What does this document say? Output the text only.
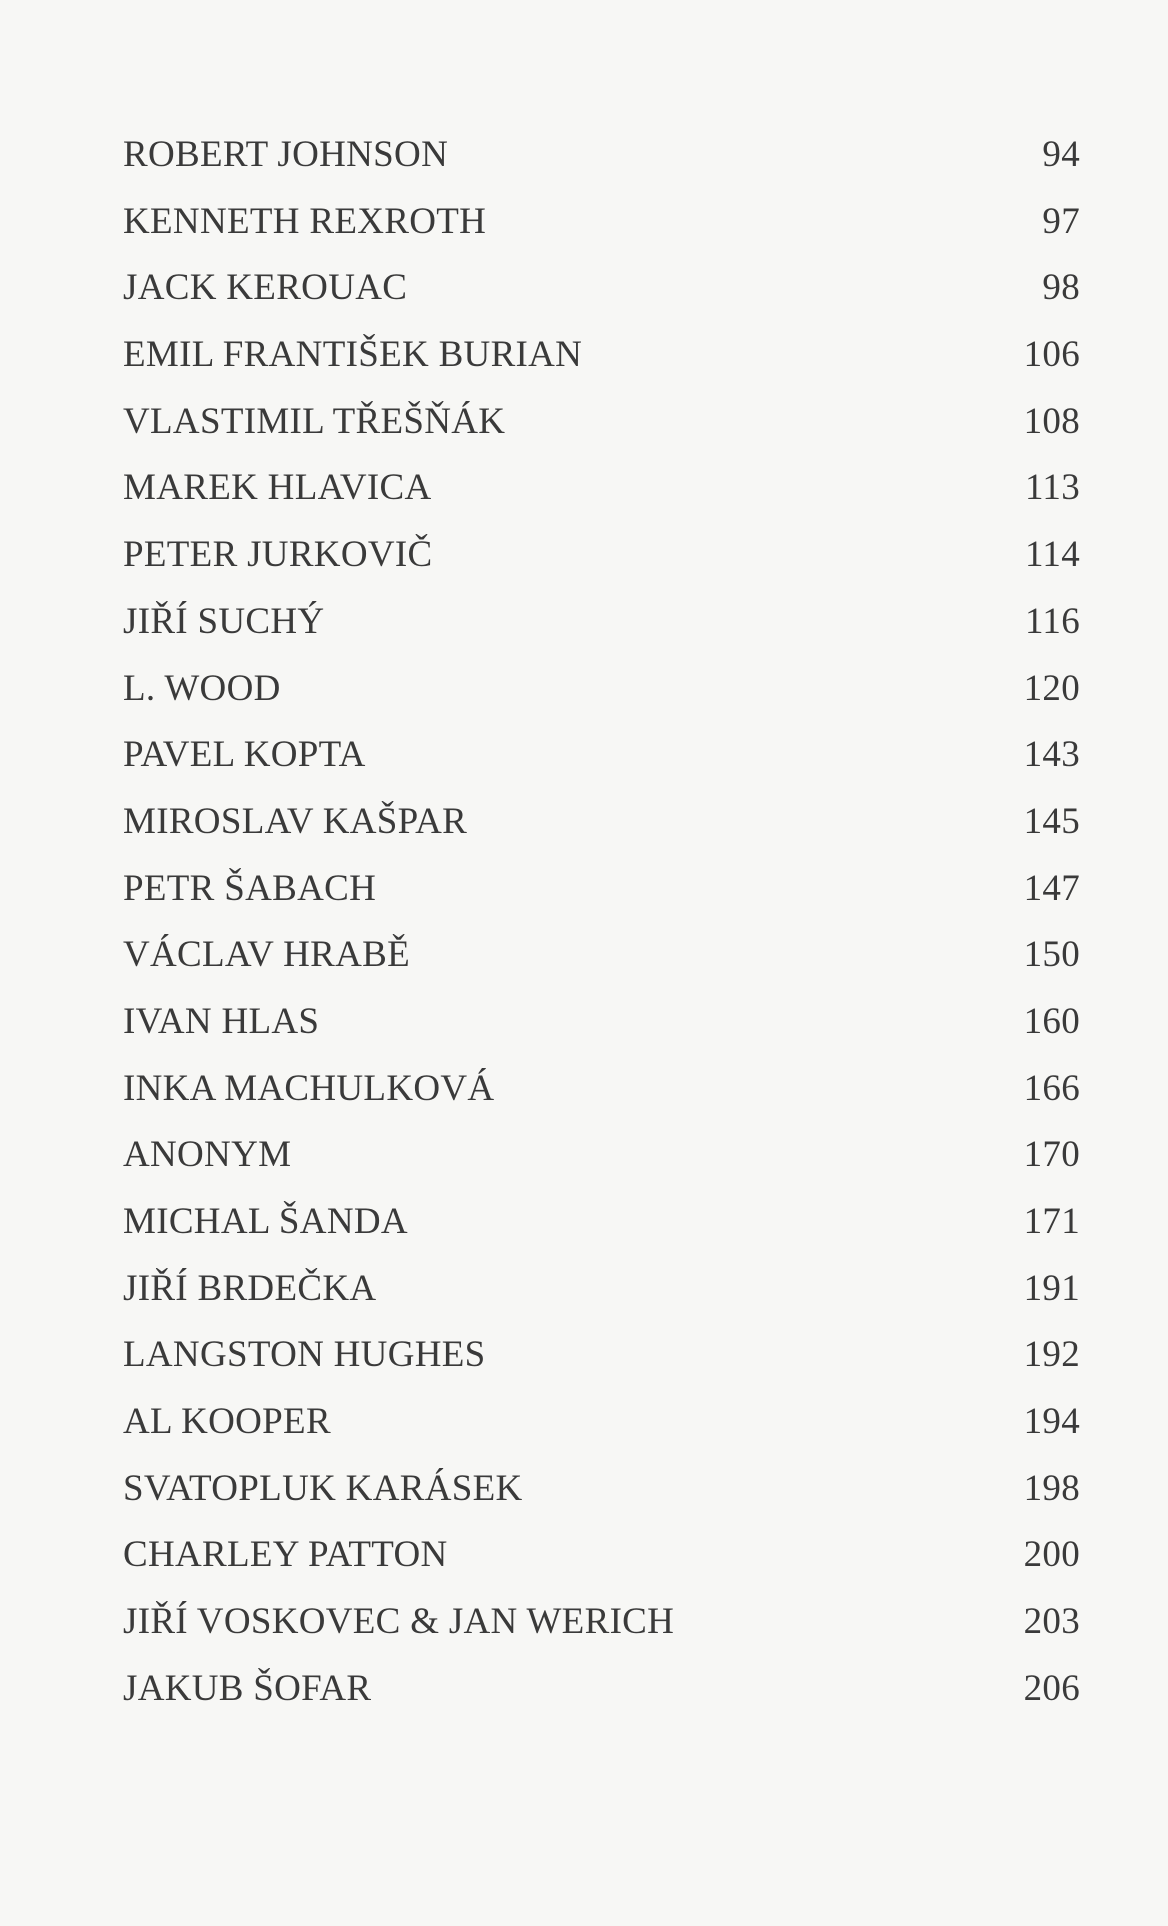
ROBERT JOHNSON	94
KENNETH REXROTH	97
JACK KEROUAC	98
EMIL FRANTIŠEK BURIAN	106
VLASTIMIL TŘEŠŇÁK	108
MAREK HLAVICA	113
PETER JURKOVIČ	114
JIŘÍ SUCHÝ	116
L. WOOD	120
PAVEL KOPTA	143
MIROSLAV KAŠPAR	145
PETR ŠABACH	147
VÁCLAV HRABĚ	150
IVAN HLAS	160
INKA MACHULKOVÁ	166
ANONYM	170
MICHAL ŠANDA	171
JIŘÍ BRDEČKA	191
LANGSTON HUGHES	192
AL KOOPER	194
SVATOPLUK KARÁSEK	198
CHARLEY PATTON	200
JIŘÍ VOSKOVEC & JAN WERICH	203
JAKUB ŠOFAR	206
